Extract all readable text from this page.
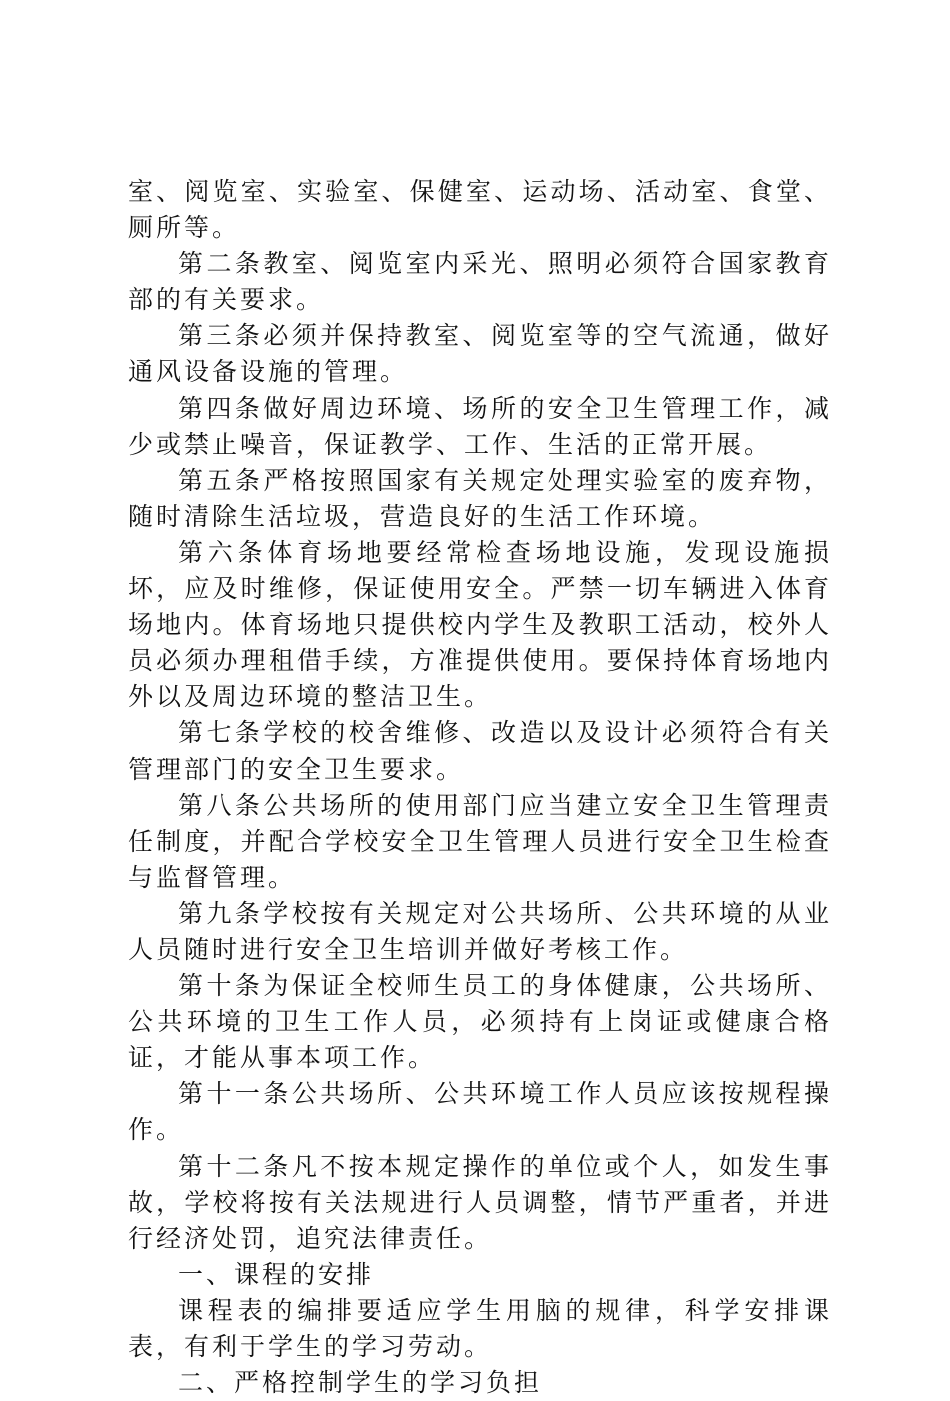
室、阅览室、实验室、保健室、运动场、活动室、食堂、厕所等。

第二条教室、阅览室内采光、照明必须符合国家教育部的有关要求。

第三条必须并保持教室、阅览室等的空气流通，做好通风设备设施的管理。

第四条做好周边环境、场所的安全卫生管理工作，减少或禁止噪音，保证教学、工作、生活的正常开展。

第五条严格按照国家有关规定处理实验室的废弃物，随时清除生活垃圾，营造良好的生活工作环境。

第六条体育场地要经常检查场地设施，发现设施损坏，应及时维修，保证使用安全。严禁一切车辆进入体育场地内。体育场地只提供校内学生及教职工活动，校外人员必须办理租借手续，方准提供使用。要保持体育场地内外以及周边环境的整洁卫生。

第七条学校的校舍维修、改造以及设计必须符合有关管理部门的安全卫生要求。

第八条公共场所的使用部门应当建立安全卫生管理责任制度，并配合学校安全卫生管理人员进行安全卫生检查与监督管理。

第九条学校按有关规定对公共场所、公共环境的从业人员随时进行安全卫生培训并做好考核工作。

第十条为保证全校师生员工的身体健康，公共场所、公共环境的卫生工作人员，必须持有上岗证或健康合格证，才能从事本项工作。

第十一条公共场所、公共环境工作人员应该按规程操作。

第十二条凡不按本规定操作的单位或个人，如发生事故，学校将按有关法规进行人员调整，情节严重者，并进行经济处罚，追究法律责任。

一、课程的安排

课程表的编排要适应学生用脑的规律，科学安排课表，有利于学生的学习劳动。

二、严格控制学生的学习负担
